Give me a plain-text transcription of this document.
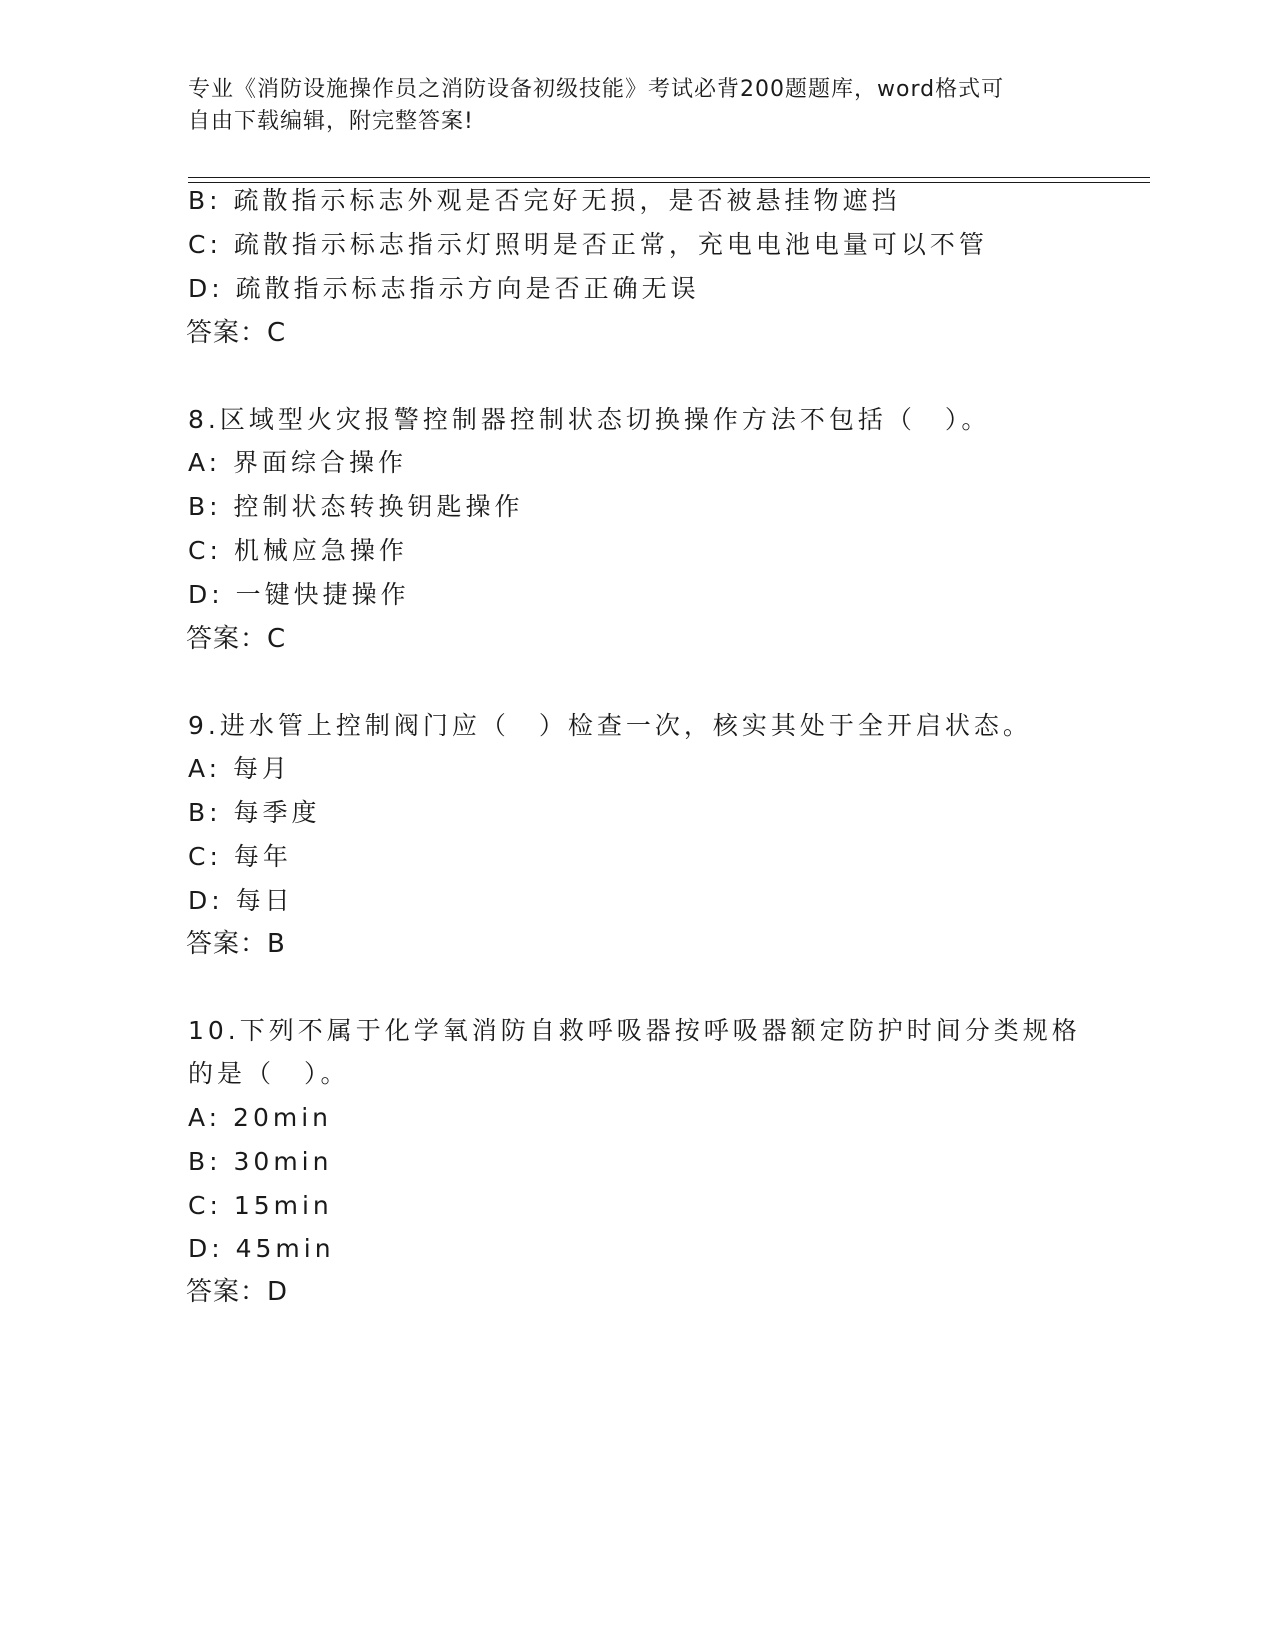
专业《消防设施操作员之消防设备初级技能》考试必背200题题库，word格式可

自由下载编辑，附完整答案!

B: 疏散指示标志外观是否完好无损，是否被悬挂物遮挡

C: 疏散指示标志指示灯照明是否正常，充电电池电量可以不管

D: 疏散指示标志指示方向是否正确无误

答案：C

8.区域型火灾报警控制器控制状态切换操作方法不包括（　）。

A: 界面综合操作

B: 控制状态转换钥匙操作

C: 机械应急操作

D: 一键快捷操作

答案：C

9.进水管上控制阀门应（　）检查一次，核实其处于全开启状态。

A: 每月

B: 每季度

C: 每年

D: 每日

答案：B

10.下列不属于化学氧消防自救呼吸器按呼吸器额定防护时间分类规格

的是（　）。

A: 20min

B: 30min

C: 15min

D: 45min

答案：D
